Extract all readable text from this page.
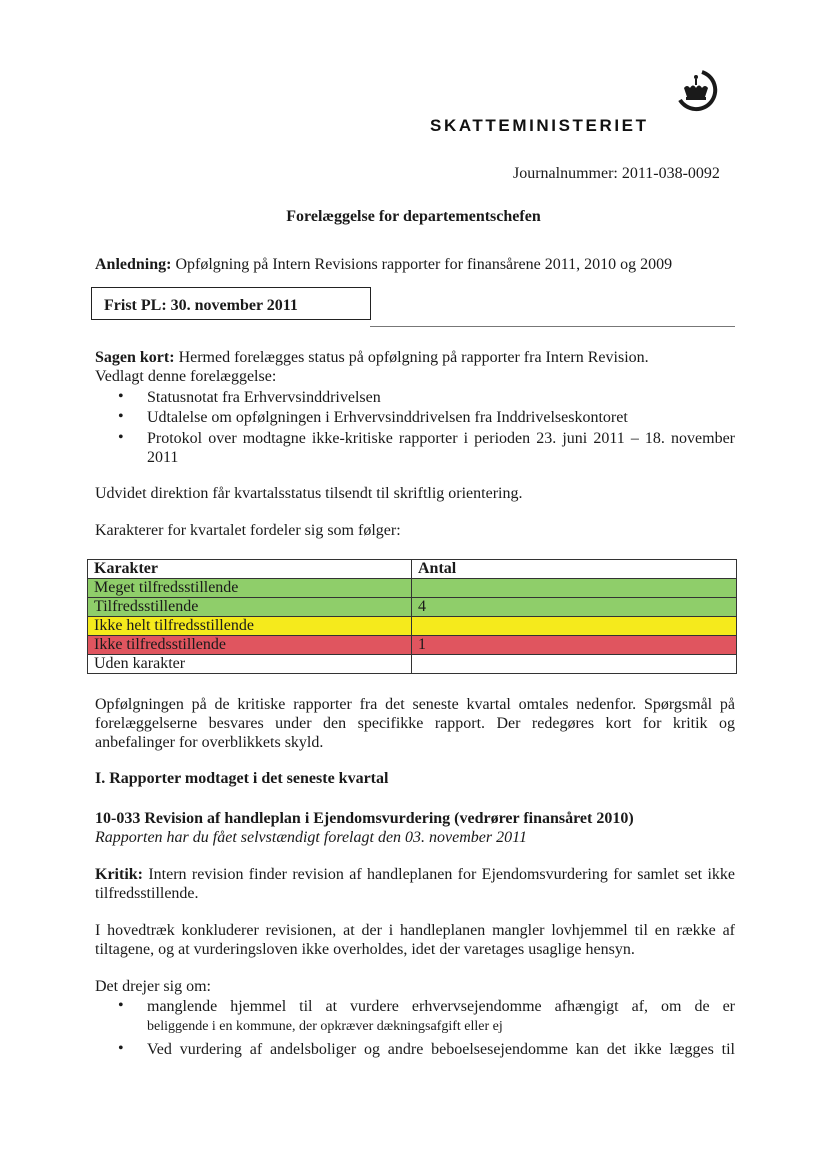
SKATTEMINISTERIET
Journalnummer: 2011-038-0092
Forelæggelse for departementschefen
Anledning: Opfølgning på Intern Revisions rapporter for finansårene 2011, 2010 og 2009
Frist PL: 30. november 2011
Sagen kort: Hermed forelægges status på opfølgning på rapporter fra Intern Revision.
Vedlagt denne forelæggelse:
• Statusnotat fra Erhvervsinddrivelsen
• Udtalelse om opfølgningen i Erhvervsinddrivelsen fra Inddrivelseskontoret
• Protokol over modtagne ikke-kritiske rapporter i perioden 23. juni 2011 – 18. november 2011
Udvidet direktion får kvartalsstatus tilsendt til skriftlig orientering.
Karakterer for kvartalet fordeler sig som følger:
Karakter	Antal
Meget tilfredsstillende	
Tilfredsstillende	4
Ikke helt tilfredsstillende	
Ikke tilfredsstillende	1
Uden karakter	
Opfølgningen på de kritiske rapporter fra det seneste kvartal omtales nedenfor. Spørgsmål på forelæggelserne besvares under den specifikke rapport. Der redegøres kort for kritik og anbefalinger for overblikkets skyld.
I. Rapporter modtaget i det seneste kvartal
10-033 Revision af handleplan i Ejendomsvurdering (vedrører finansåret 2010)
Rapporten har du fået selvstændigt forelagt den 03. november 2011
Kritik: Intern revision finder revision af handleplanen for Ejendomsvurdering for samlet set ikke tilfredsstillende.
I hovedtræk konkluderer revisionen, at der i handleplanen mangler lovhjemmel til en række af tiltagene, og at vurderingsloven ikke overholdes, idet der varetages usaglige hensyn.
Det drejer sig om:
• manglende hjemmel til at vurdere erhvervsejendomme afhængigt af, om de er
beliggende i en kommune, der opkræver dækningsafgift eller ej
• Ved vurdering af andelsboliger og andre beboelsesejendomme kan det ikke lægges til
